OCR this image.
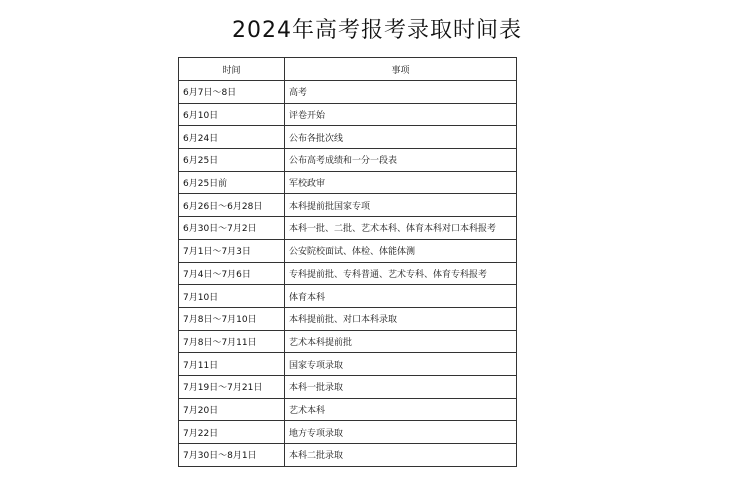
2024年高考报考录取时间表
时间	事项
6月7日～8日	高考
6月10日	评卷开始
6月24日	公布各批次线
6月25日	公布高考成绩和一分一段表
6月25日前	军校政审
6月26日～6月28日	本科提前批国家专项
6月30日～7月2日	本科一批、二批、艺术本科、体育本科对口本科报考
7月1日～7月3日	公安院校面试、体检、体能体测
7月4日～7月6日	专科提前批、专科普通、艺术专科、体育专科报考
7月10日	体育本科
7月8日～7月10日	本科提前批、对口本科录取
7月8日～7月11日	艺术本科提前批
7月11日	国家专项录取
7月19日～7月21日	本科一批录取
7月20日	艺术本科
7月22日	地方专项录取
7月30日～8月1日	本科二批录取
